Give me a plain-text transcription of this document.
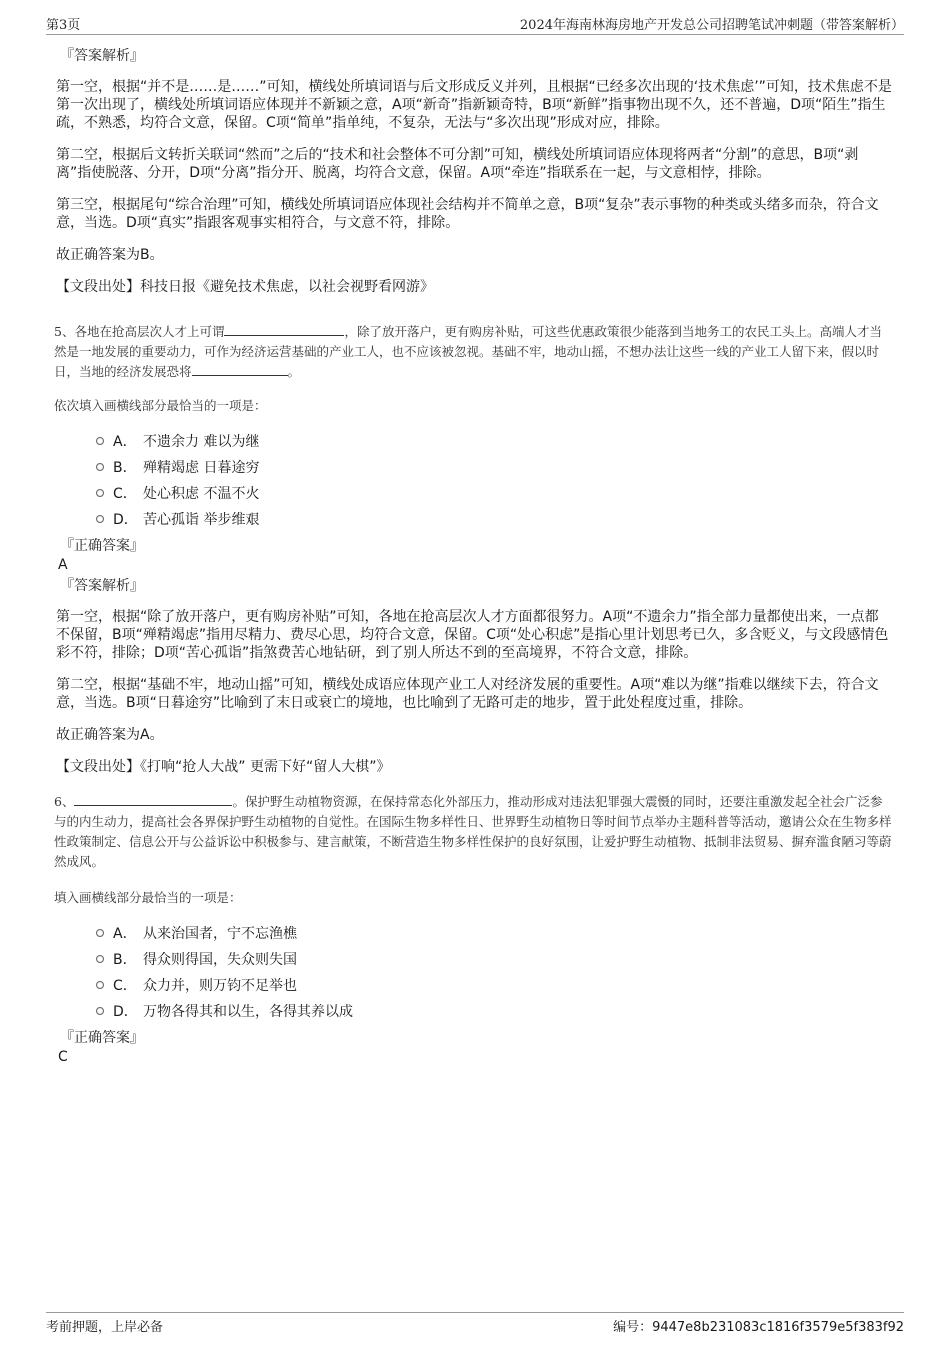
第3页	2024年海南林海房地产开发总公司招聘笔试冲刺题（带答案解析）
『答案解析』

第一空，根据“并不是……是……”可知，横线处所填词语与后文形成反义并列，且根据“已经多次出现的‘技术焦虑’”可知，技术焦虑不是第一次出现了，横线处所填词语应体现并不新颖之意，A项“新奇”指新颖奇特，B项“新鲜”指事物出现不久，还不普遍，D项“陌生”指生疏，不熟悉，均符合文意，保留。C项“简单”指单纯，不复杂，无法与“多次出现”形成对应，排除。

第二空，根据后文转折关联词“然而”之后的“技术和社会整体不可分割”可知，横线处所填词语应体现将两者“分割”的意思，B项“剥离”指使脱落、分开，D项“分离”指分开、脱离，均符合文意，保留。A项“牵连”指联系在一起，与文意相悖，排除。

第三空，根据尾句“综合治理”可知，横线处所填词语应体现社会结构并不简单之意，B项“复杂”表示事物的种类或头绪多而杂，符合文意，当选。D项“真实”指跟客观事实相符合，与文意不符，排除。

故正确答案为B。

【文段出处】科技日报《避免技术焦虑，以社会视野看网游》

5、各地在抢高层次人才上可谓	，除了放开落户，更有购房补贴，可这些优惠政策很少能落到当地务工的农民工头上。高端人才当然是一地发展的重要动力，可作为经济运营基础的产业工人，也不应该被忽视。基础不牢，地动山摇，不想办法让这些一线的产业工人留下来，假以时日，当地的经济发展恐将	。

依次填入画横线部分最恰当的一项是：
A． 不遗余力 难以为继
B． 殚精竭虑 日暮途穷
C． 处心积虑 不温不火
D． 苦心孤诣 举步维艰
『正确答案』
A
『答案解析』

第一空，根据“除了放开落户，更有购房补贴”可知，各地在抢高层次人才方面都很努力。A项“不遗余力”指全部力量都使出来，一点都不保留，B项“殚精竭虑”指用尽精力、费尽心思，均符合文意，保留。C项“处心积虑”是指心里计划思考已久，多含贬义，与文段感情色彩不符，排除；D项“苦心孤诣”指煞费苦心地钻研，到了别人所达不到的至高境界，不符合文意，排除。

第二空，根据“基础不牢，地动山摇”可知，横线处成语应体现产业工人对经济发展的重要性。A项“难以为继”指难以继续下去，符合文意，当选。B项“日暮途穷”比喻到了末日或衰亡的境地，也比喻到了无路可走的地步，置于此处程度过重，排除。

故正确答案为A。

【文段出处】《打响“抢人大战” 更需下好“留人大棋”》

6、	。保护野生动植物资源，在保持常态化外部压力，推动形成对违法犯罪强大震慑的同时，还要注重激发起全社会广泛参与的内生动力，提高社会各界保护野生动植物的自觉性。在国际生物多样性日、世界野生动植物日等时间节点举办主题科普等活动，邀请公众在生物多样性政策制定、信息公开与公益诉讼中积极参与、建言献策，不断营造生物多样性保护的良好氛围，让爱护野生动植物、抵制非法贸易、摒弃滥食陋习等蔚然成风。

填入画横线部分最恰当的一项是：
A． 从来治国者，宁不忘渔樵
B． 得众则得国，失众则失国
C． 众力并，则万钧不足举也
D． 万物各得其和以生，各得其养以成
『正确答案』
C
考前押题，上岸必备	编号：9447e8b231083c1816f3579e5f383f92
